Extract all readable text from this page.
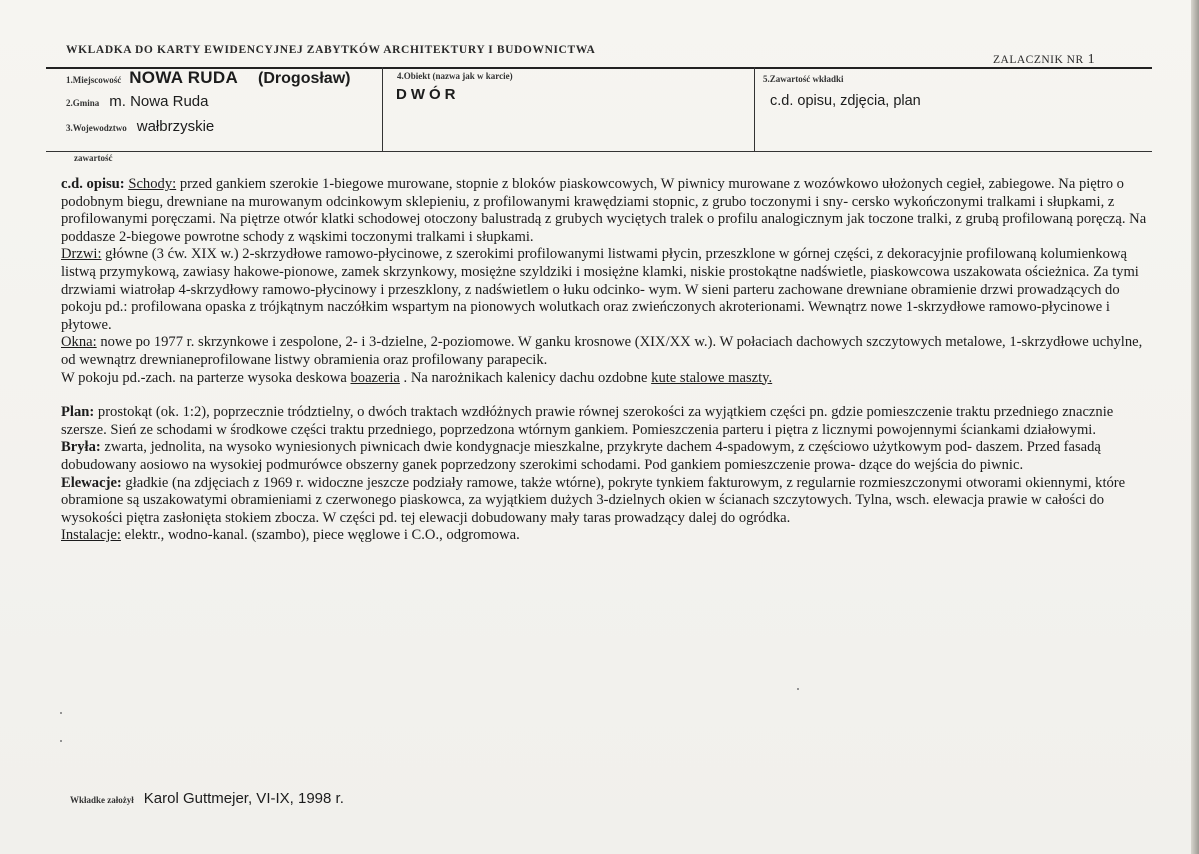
WKLADKA DO KARTY EWIDENCYJNEJ ZABYTKÓW ARCHITEKTURY I BUDOWNICTWA
ZALACZNIK NR 1
1.Miejscowość NOWA RUDA (Drogosław)
2.Gmina m. Nowa Ruda
3.Wojewodztwo wałbrzyskie
4.Obiekt (nazwa jak w karcie)
DWÓR
5.Zawartość wkładki
c.d. opisu, zdjęcia, plan
zawartość

c.d. opisu: Schody: przed gankiem szerokie 1-biegowe murowane, stopnie z bloków piaskowcowych, W piwnicy murowane z wozówkowo ułożonych cegieł, zabiegowe. Na piętro o podobnym biegu, drewniane na murowanym odcinkowym sklepieniu, z profilowanymi krawędziami stopnic, z grubo toczonymi i sny- cersko wykończonymi tralkami i słupkami, z profilowanymi poręczami. Na piętrze otwór klatki schodowej otoczony balustradą z grubych wyciętych tralek o profilu analogicznym jak toczone tralki, z grubą profilowaną poręczą. Na poddasze 2-biegowe powrotne schody z wąskimi toczonymi tralkami i słupkami.

Drzwi: główne (3 ćw. XIX w.) 2-skrzydłowe ramowo-płycinowe, z szerokimi profilowanymi listwami płycin, przeszklone w górnej części, z dekoracyjnie profilowaną kolumienkową listwą przymykową, zawiasy hakowe-pionowe, zamek skrzynkowy, mosiężne szyldziki i mosiężne klamki, niskie prostokątne nadświetle, piaskowcowa uszakowata ościeżnica. Za tymi drzwiami wiatrołap 4-skrzydłowy ramowo-płycinowy i przeszklony, z nadświetlem o łuku odcinko- wym. W sieni parteru zachowane drewniane obramienie drzwi prowadzących do pokoju pd.: profilowana opaska z trójkątnym naczółkim wspartym na pionowych wolutkach oraz zwieńczonych akroterionami. Wewnątrz nowe 1-skrzydłowe ramowo-płycinowe i płytowe.

Okna: nowe po 1977 r. skrzynkowe i zespolone, 2- i 3-dzielne, 2-poziomowe. W ganku krosnowe (XIX/XX w.). W połaciach dachowych szczytowych metalowe, 1-skrzydłowe uchylne, od wewnątrz drewnianeprofilowane listwy obramienia oraz profilowany parapecik.

W pokoju pd.-zach. na parterze wysoka deskowa boazeria . Na narożnikach kalenicy dachu ozdobne kute stalowe maszty.

Plan: prostokąt (ok. 1:2), poprzecznie trództielny, o dwóch traktach wzdłóżnych prawie równej szerokości za wyjątkiem części pn. gdzie pomieszczenie traktu przedniego znacznie szersze. Sień ze schodami w środkowe części traktu przedniego, poprzedzona wtórnym gankiem. Pomieszczenia parteru i piętra z licznymi powojennymi ściankami działowymi.

Bryła: zwarta, jednolita, na wysoko wyniesionych piwnicach dwie kondygnacje mieszkalne, przykryte dachem 4-spadowym, z częściowo użytkowym pod- daszem. Przed fasadą dobudowany aosiowo na wysokiej podmurówce obszerny ganek poprzedzony szerokimi schodami. Pod gankiem pomieszczenie prowa- dzące do wejścia do piwnic.

Elewacje: gładkie (na zdjęciach z 1969 r. widoczne jeszcze podziały ramowe, także wtórne), pokryte tynkiem fakturowym, z regularnie rozmieszczonymi otworami okiennymi, które obramione są uszakowatymi obramieniami z czerwonego piaskowca, za wyjątkiem dużych 3-dzielnych okien w ścianach szczytowych. Tylna, wsch. elewacja prawie w całości do wysokości piętra zasłonięta stokiem zbocza. W części pd. tej elewacji dobudowany mały taras prowadzący dalej do ogródka.

Instalacje: elektr., wodno-kanal. (szambo), piece węglowe i C.O., odgromowa.

Wkładke założył Karol Guttmejer, VI-IX, 1998 r.
